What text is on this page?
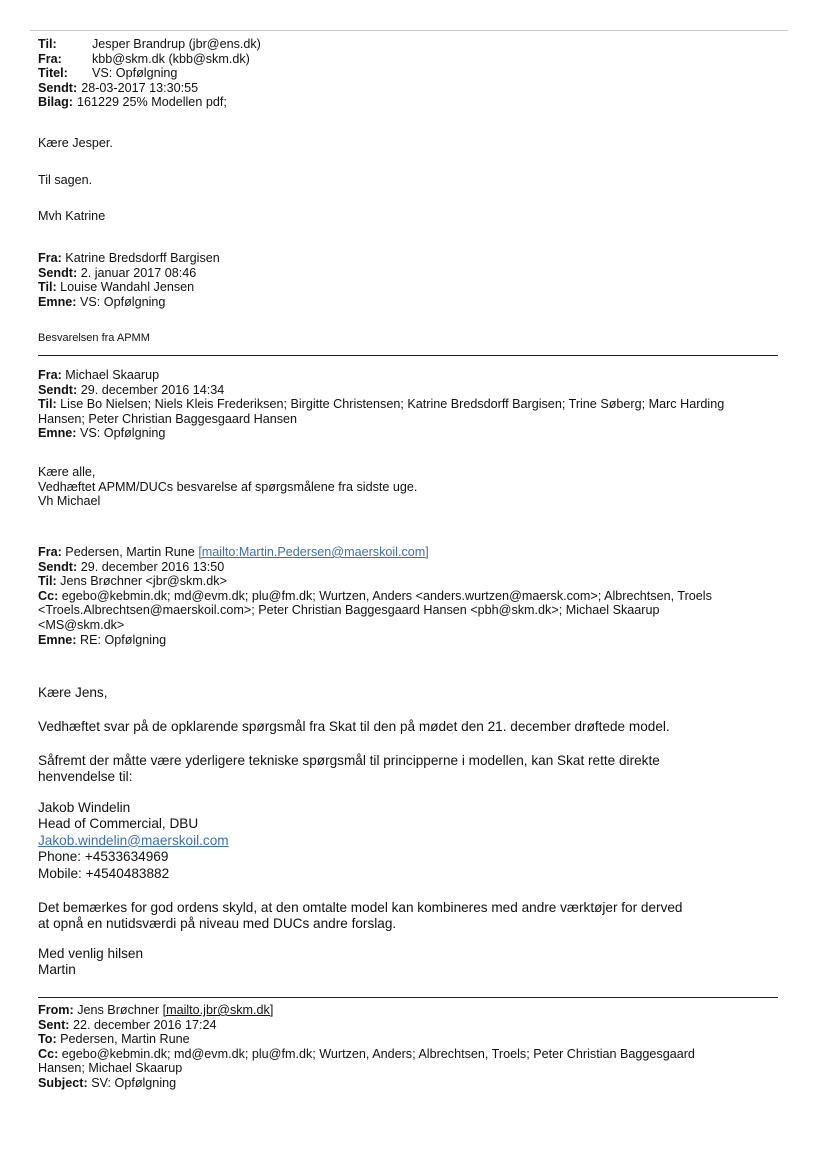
Til:	Jesper Brandrup (jbr@ens.dk)
Fra: kbb@skm.dk (kbb@skm.dk)
Titel: VS: Opfølgning
Sendt: 28-03-2017 13:30:55
Bilag: 161229 25% Modellen pdf;
Kære Jesper.
Til sagen.
Mvh Katrine
Fra: Katrine Bredsdorff Bargisen
Sendt: 2. januar 2017 08:46
Til: Louise Wandahl Jensen
Emne: VS: Opfølgning
Besvarelsen fra APMM
Fra: Michael Skaarup
Sendt: 29. december 2016 14:34
Til: Lise Bo Nielsen; Niels Kleis Frederiksen; Birgitte Christensen; Katrine Bredsdorff Bargisen; Trine Søberg; Marc Harding
Hansen; Peter Christian Baggesgaard Hansen
Emne: VS: Opfølgning
Kære alle,
Vedhæftet APMM/DUCs besvarelse af spørgsmålene fra sidste uge.
Vh Michael
Fra: Pedersen, Martin Rune [mailto:Martin.Pedersen@maerskoil.com]
Sendt: 29. december 2016 13:50
Til: Jens Brøchner <jbr@skm.dk>
Cc: egebo@kebmin.dk; md@evm.dk; plu@fm.dk; Wurtzen, Anders <anders.wurtzen@maersk.com>; Albrechtsen, Troels
<Troels.Albrechtsen@maerskoil.com>; Peter Christian Baggesgaard Hansen <pbh@skm.dk>; Michael Skaarup
<MS@skm.dk>
Emne: RE: Opfølgning
Kære Jens,
Vedhæftet svar på de opklarende spørgsmål fra Skat til den på mødet den 21. december drøftede model.
Såfremt der måtte være yderligere tekniske spørgsmål til principperne i modellen, kan Skat rette direkte
henvendelse til:
Jakob Windelin
Head of Commercial, DBU
Jakob.windelin@maerskoil.com
Phone: +4533634969
Mobile: +4540483882
Det bemærkes for god ordens skyld, at den omtalte model kan kombineres med andre værktøjer for derved
at opnå en nutidsværdi på niveau med DUCs andre forslag.
Med venlig hilsen
Martin
From: Jens Brøchner [mailto.jbr@skm.dk]
Sent: 22. december 2016 17:24
To: Pedersen, Martin Rune
Cc: egebo@kebmin.dk; md@evm.dk; plu@fm.dk; Wurtzen, Anders; Albrechtsen, Troels; Peter Christian Baggesgaard
Hansen; Michael Skaarup
Subject: SV: Opfølgning
